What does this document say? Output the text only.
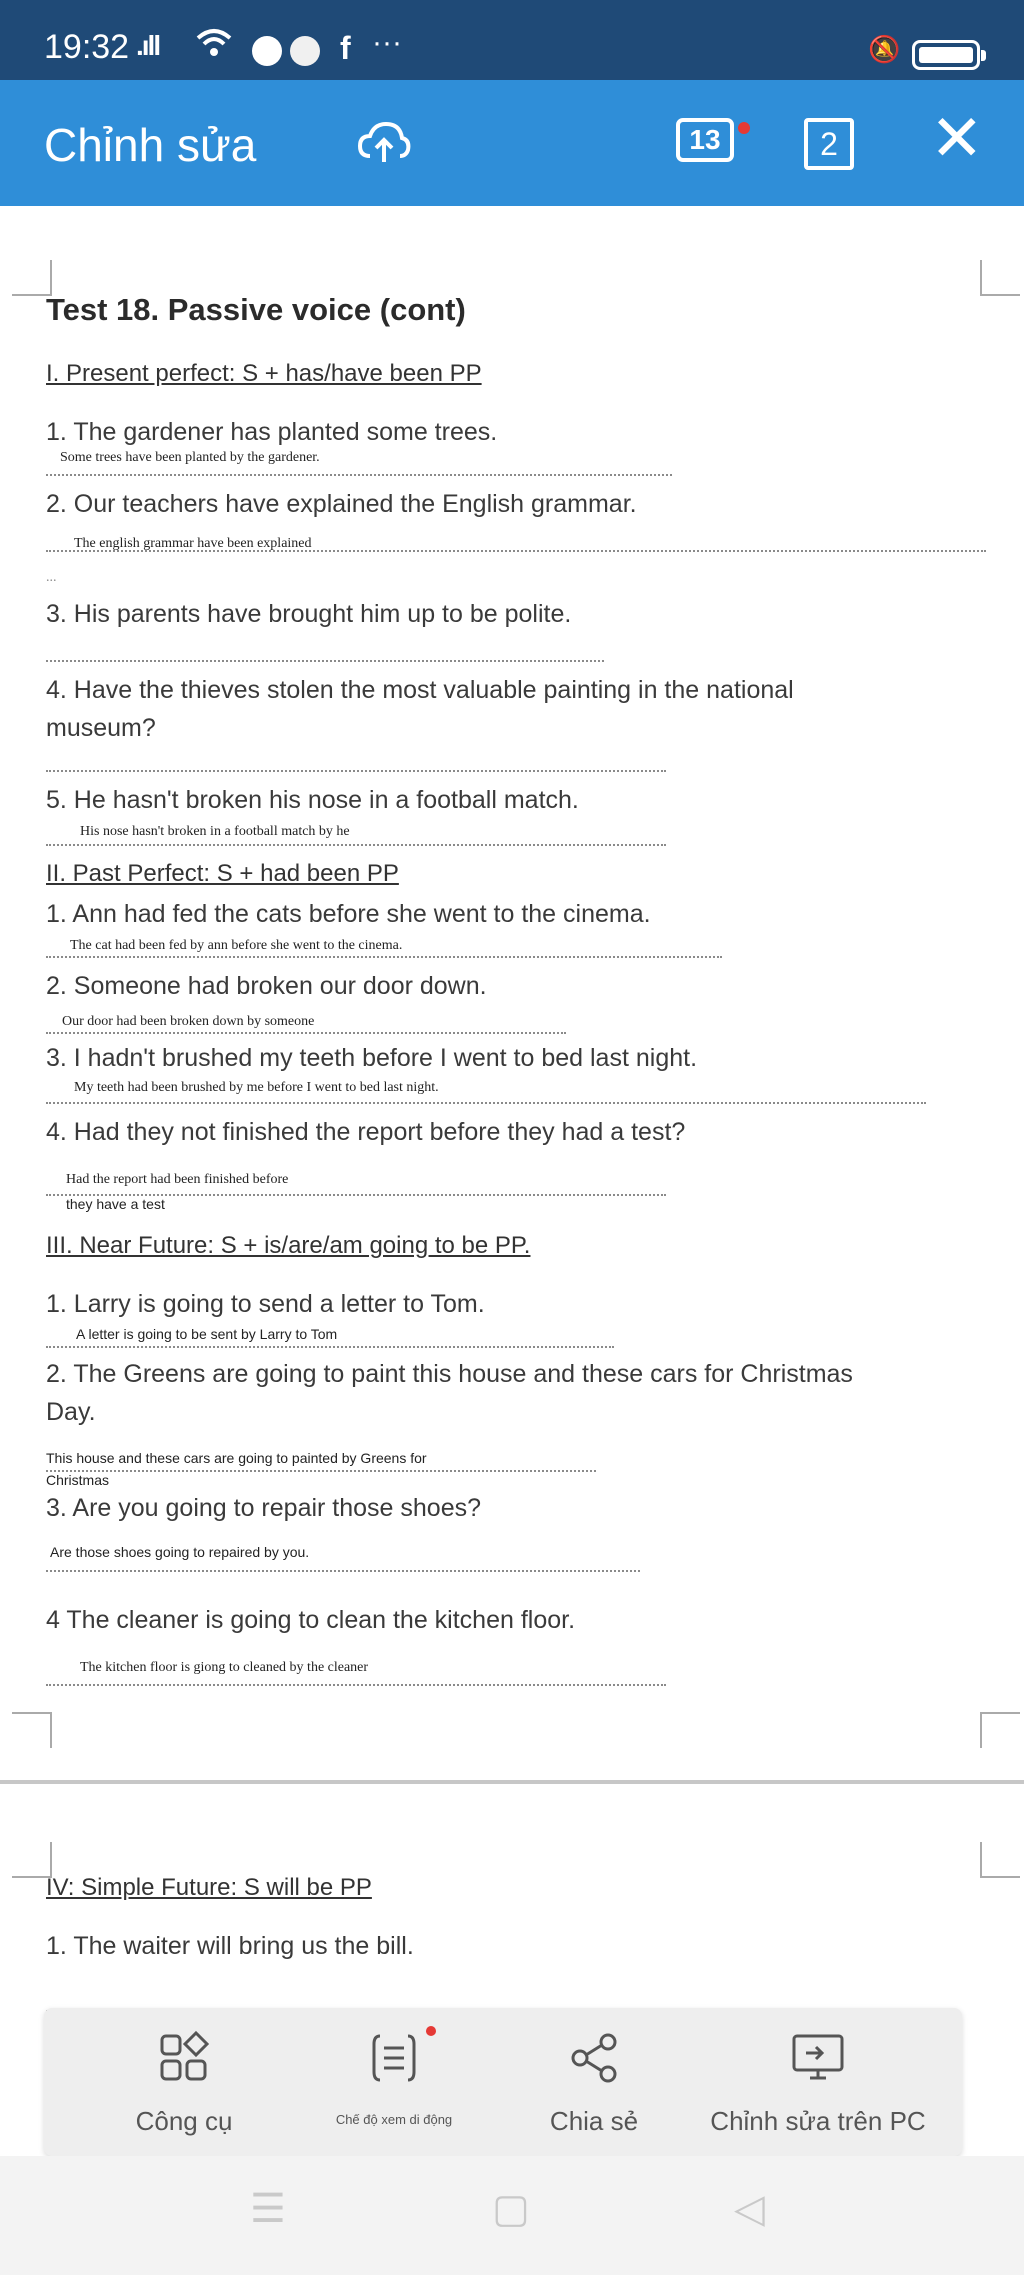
19:32 .ıll	f ···	🔕
Chỉnh sửa	13	2 ✕
Test 18. Passive voice (cont)
I. Present perfect: S + has/have been PP
1. The gardener has planted some trees.
Some trees have been planted by the gardener.
2. Our teachers have explained the English grammar.
The english grammar have been explained
...
3. His parents have brought him up to be polite.
4. Have the thieves stolen the most valuable painting in the national
museum?
5. He hasn't broken his nose in a football match.
His nose hasn't broken in a football match by he
II. Past Perfect: S + had been PP
1. Ann had fed the cats before she went to the cinema.
The cat had been fed by ann before she went to the cinema.
2. Someone had broken our door down.
Our door had been broken down by someone
3. I hadn't brushed my teeth before I went to bed last night.
My teeth had been brushed by me before I went to bed last night.
4. Had they not finished the report before they had a test?
Had the report had been finished before
they have a test
III. Near Future: S + is/are/am going to be PP.
1. Larry is going to send a letter to Tom.
A letter is going to be sent by Larry to Tom
2. The Greens are going to paint this house and these cars for Christmas
Day.
This house and these cars are going to painted by Greens for
Christmas
3. Are you going to repair those shoes?
Are those shoes going to repaired by you.
4 The cleaner is going to clean the kitchen floor.
The kitchen floor is giong to cleaned by the cleaner
IV: Simple Future: S will be PP
1. The waiter will bring us the bill.
Công cụ	Chế độ xem di động	Chia sẻ	Chỉnh sửa trên PC
☰	▢	◁
